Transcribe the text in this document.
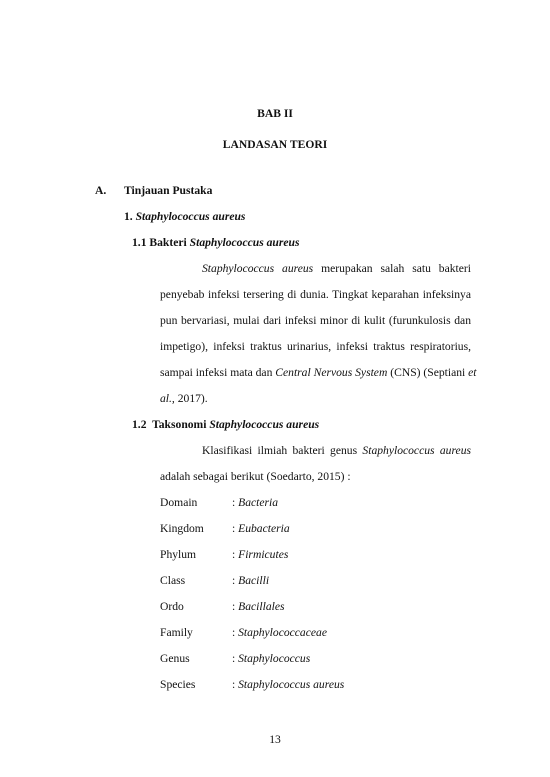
BAB II
LANDASAN TEORI
A. Tinjauan Pustaka
1. Staphylococcus aureus
1.1 Bakteri Staphylococcus aureus
Staphylococcus aureus merupakan salah satu bakteri
penyebab infeksi tersering di dunia. Tingkat keparahan infeksinya
pun bervariasi, mulai dari infeksi minor di kulit (furunkulosis dan
impetigo), infeksi traktus urinarius, infeksi traktus respiratorius,
sampai infeksi mata dan Central Nervous System (CNS) (Septiani et
al., 2017).
1.2 Taksonomi Staphylococcus aureus
Klasifikasi ilmiah bakteri genus Staphylococcus aureus
adalah sebagai berikut (Soedarto, 2015) :
Domain	: Bacteria
Kingdom : Eubacteria
Phylum	: Firmicutes
Class	: Bacilli
Ordo	: Bacillales
Family	: Staphylococcaceae
Genus	: Staphylococcus
Species	: Staphylococcus aureus
13
